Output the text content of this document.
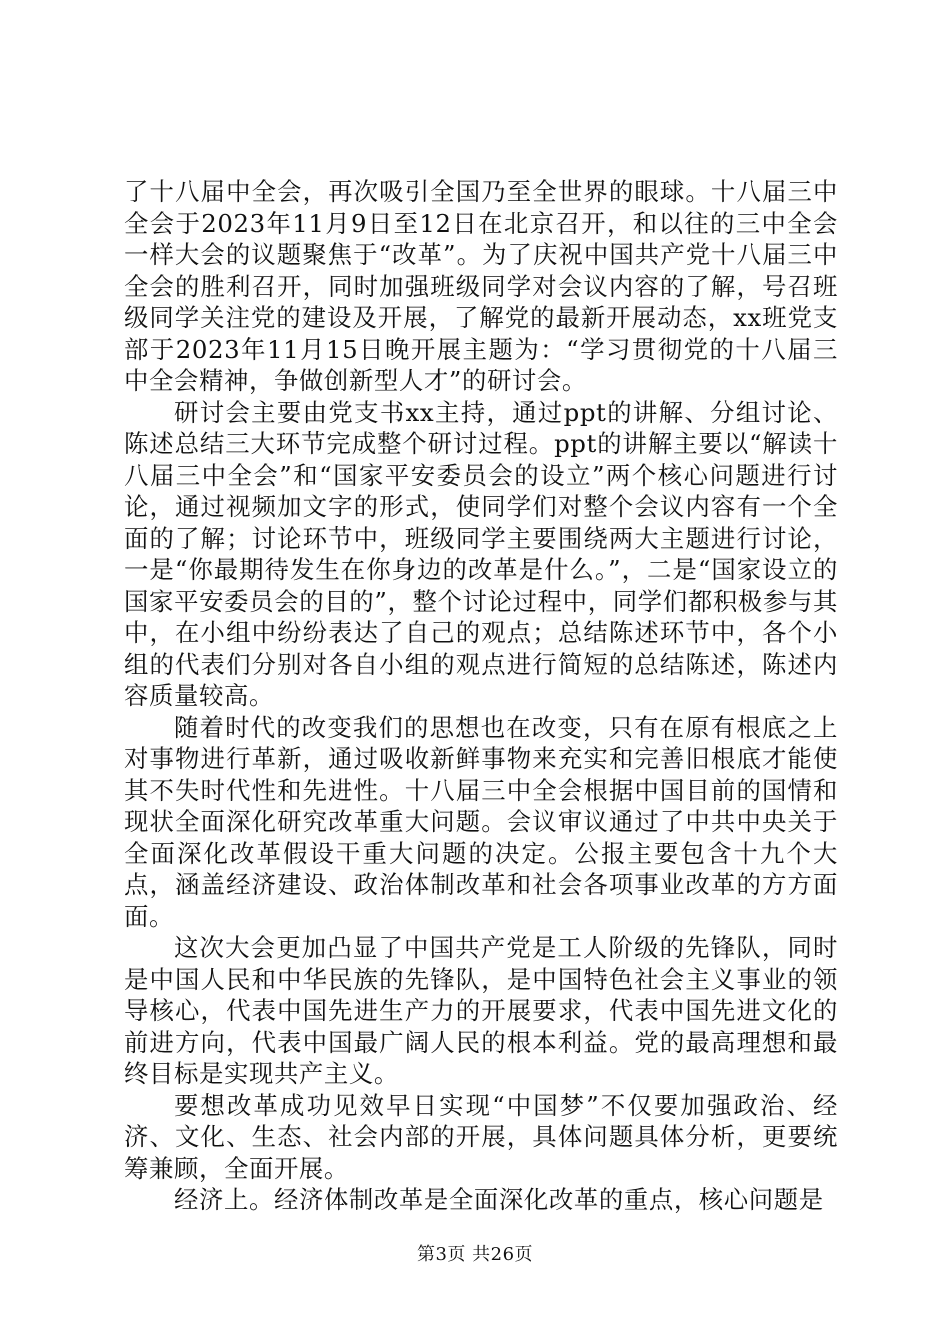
了十八届中全会，再次吸引全国乃至全世界的眼球。十八届三中全会于2023年11月9日至12日在北京召开，和以往的三中全会一样大会的议题聚焦于“改革”。为了庆祝中国共产党十八届三中全会的胜利召开，同时加强班级同学对会议内容的了解，号召班级同学关注党的建设及开展，了解党的最新开展动态，xx班党支部于2023年11月15日晚开展主题为：“学习贯彻党的十八届三中全会精神，争做创新型人才”的研讨会。

研讨会主要由党支书xx主持，通过ppt的讲解、分组讨论、陈述总结三大环节完成整个研讨过程。ppt的讲解主要以“解读十八届三中全会”和“国家平安委员会的设立”两个核心问题进行讨论，通过视频加文字的形式，使同学们对整个会议内容有一个全面的了解；讨论环节中，班级同学主要围绕两大主题进行讨论，一是“你最期待发生在你身边的改革是什么。”，二是“国家设立的国家平安委员会的目的”，整个讨论过程中，同学们都积极参与其中，在小组中纷纷表达了自己的观点；总结陈述环节中，各个小组的代表们分别对各自小组的观点进行简短的总结陈述，陈述内容质量较高。

随着时代的改变我们的思想也在改变，只有在原有根底之上对事物进行革新，通过吸收新鲜事物来充实和完善旧根底才能使其不失时代性和先进性。十八届三中全会根据中国目前的国情和现状全面深化研究改革重大问题。会议审议通过了中共中央关于全面深化改革假设干重大问题的决定。公报主要包含十九个大点，涵盖经济建设、政治体制改革和社会各项事业改革的方方面面。

这次大会更加凸显了中国共产党是工人阶级的先锋队，同时是中国人民和中华民族的先锋队，是中国特色社会主义事业的领导核心，代表中国先进生产力的开展要求，代表中国先进文化的前进方向，代表中国最广阔人民的根本利益。党的最高理想和最终目标是实现共产主义。

要想改革成功见效早日实现“中国梦”不仅要加强政治、经济、文化、生态、社会内部的开展，具体问题具体分析，更要统筹兼顾，全面开展。

经济上。经济体制改革是全面深化改革的重点，核心问题是

第3页 共26页
